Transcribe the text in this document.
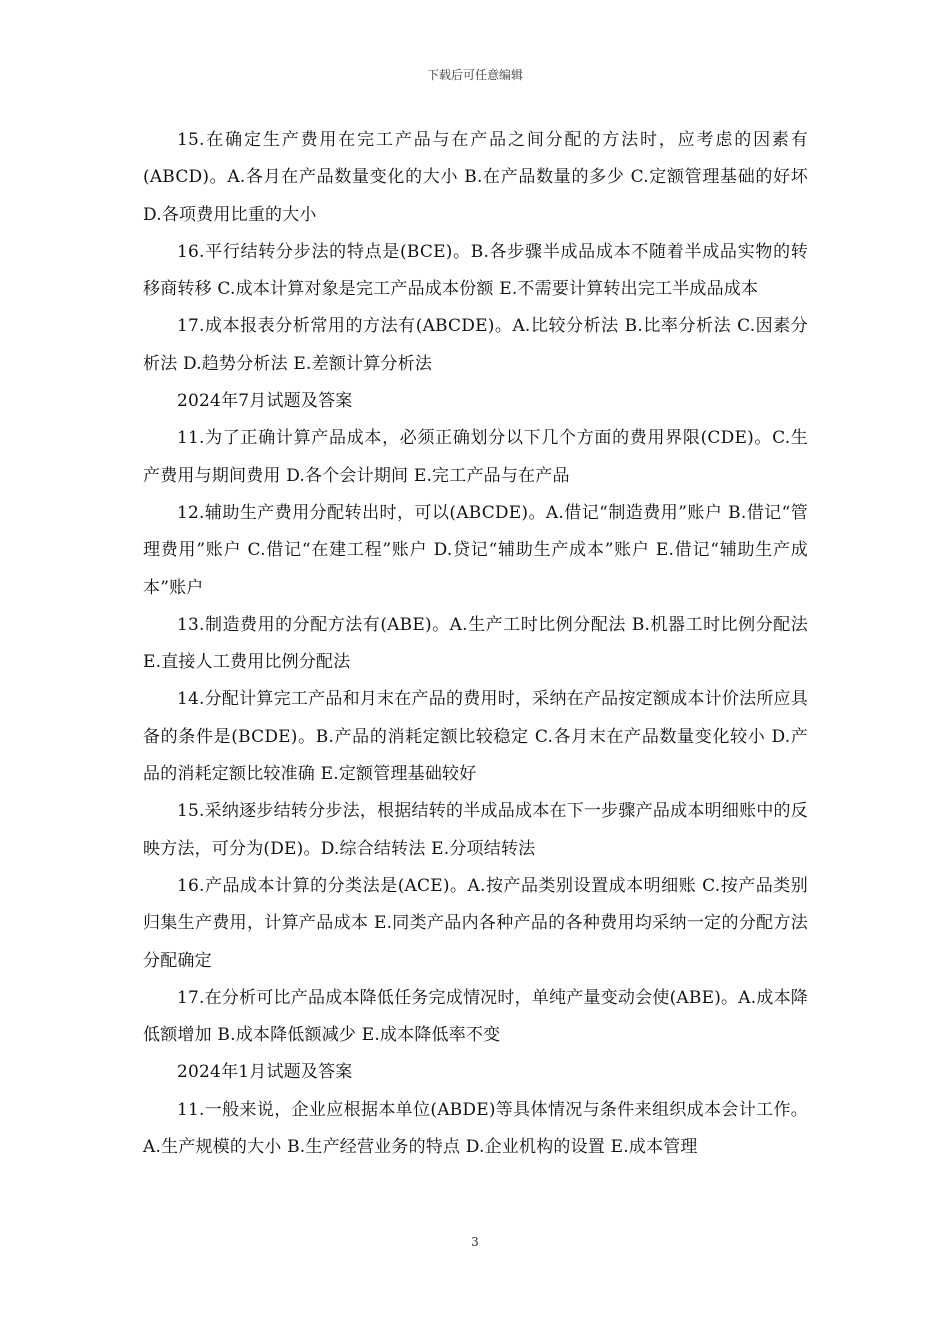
下载后可任意编辑

15.在确定生产费用在完工产品与在产品之间分配的方法时，应考虑的因素有(ABCD)。A.各月在产品数量变化的大小 B.在产品数量的多少 C.定额管理基础的好坏 D.各项费用比重的大小

16.平行结转分步法的特点是(BCE)。B.各步骤半成品成本不随着半成品实物的转移商转移 C.成本计算对象是完工产品成本份额 E.不需要计算转出完工半成品成本

17.成本报表分析常用的方法有(ABCDE)。A.比较分析法 B.比率分析法 C.因素分析法 D.趋势分析法 E.差额计算分析法

2024年7月试题及答案

11.为了正确计算产品成本，必须正确划分以下几个方面的费用界限(CDE)。C.生产费用与期间费用 D.各个会计期间 E.完工产品与在产品

12.辅助生产费用分配转出时，可以(ABCDE)。A.借记“制造费用”账户 B.借记“管理费用”账户 C.借记“在建工程”账户 D.贷记“辅助生产成本”账户 E.借记“辅助生产成本”账户

13.制造费用的分配方法有(ABE)。A.生产工时比例分配法 B.机器工时比例分配法 E.直接人工费用比例分配法

14.分配计算完工产品和月末在产品的费用时，采纳在产品按定额成本计价法所应具备的条件是(BCDE)。B.产品的消耗定额比较稳定 C.各月末在产品数量变化较小 D.产品的消耗定额比较准确 E.定额管理基础较好

15.采纳逐步结转分步法，根据结转的半成品成本在下一步骤产品成本明细账中的反映方法，可分为(DE)。D.综合结转法 E.分项结转法

16.产品成本计算的分类法是(ACE)。A.按产品类别设置成本明细账 C.按产品类别归集生产费用，计算产品成本 E.同类产品内各种产品的各种费用均采纳一定的分配方法分配确定

17.在分析可比产品成本降低任务完成情况时，单纯产量变动会使(ABE)。A.成本降低额增加 B.成本降低额减少 E.成本降低率不变

2024年1月试题及答案

11.一般来说，企业应根据本单位(ABDE)等具体情况与条件来组织成本会计工作。A.生产规模的大小 B.生产经营业务的特点 D.企业机构的设置 E.成本管理

3
